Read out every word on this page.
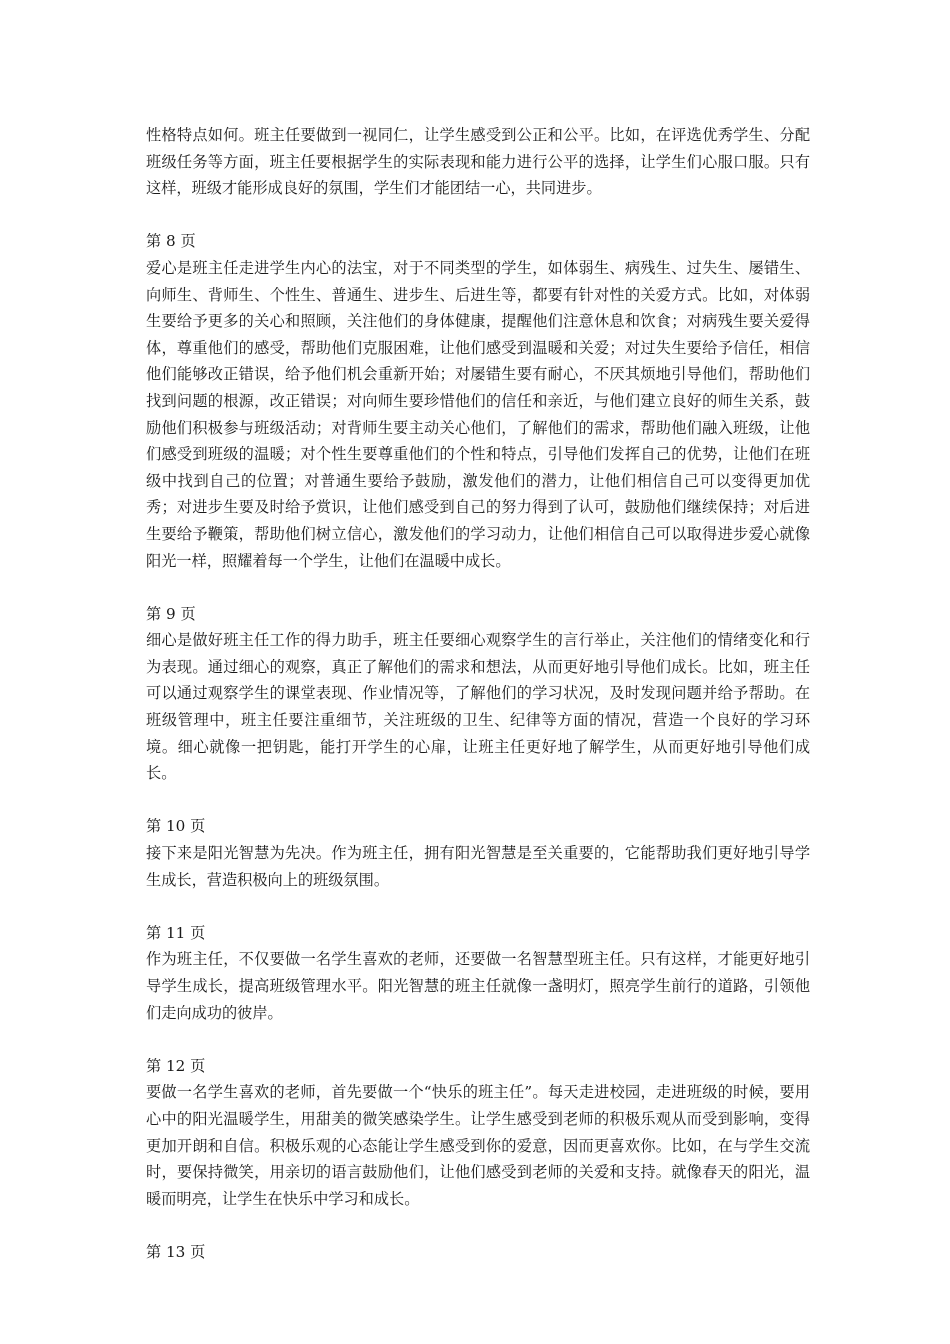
性格特点如何。班主任要做到一视同仁，让学生感受到公正和公平。比如，在评选优秀学生、分配班级任务等方面，班主任要根据学生的实际表现和能力进行公平的选择，让学生们心服口服。只有这样，班级才能形成良好的氛围，学生们才能团结一心，共同进步。

第 8 页

爱心是班主任走进学生内心的法宝，对于不同类型的学生，如体弱生、病残生、过失生、屡错生、向师生、背师生、个性生、普通生、进步生、后进生等，都要有针对性的关爱方式。比如，对体弱生要给予更多的关心和照顾，关注他们的身体健康，提醒他们注意休息和饮食；对病残生要关爱得体，尊重他们的感受，帮助他们克服困难，让他们感受到温暖和关爱；对过失生要给予信任，相信他们能够改正错误，给予他们机会重新开始；对屡错生要有耐心，不厌其烦地引导他们，帮助他们找到问题的根源，改正错误；对向师生要珍惜他们的信任和亲近，与他们建立良好的师生关系，鼓励他们积极参与班级活动；对背师生要主动关心他们，了解他们的需求，帮助他们融入班级，让他们感受到班级的温暖；对个性生要尊重他们的个性和特点，引导他们发挥自己的优势，让他们在班级中找到自己的位置；对普通生要给予鼓励，激发他们的潜力，让他们相信自己可以变得更加优秀；对进步生要及时给予赏识，让他们感受到自己的努力得到了认可，鼓励他们继续保持；对后进生要给予鞭策，帮助他们树立信心，激发他们的学习动力，让他们相信自己可以取得进步爱心就像阳光一样，照耀着每一个学生，让他们在温暖中成长。

第 9 页

细心是做好班主任工作的得力助手，班主任要细心观察学生的言行举止，关注他们的情绪变化和行为表现。通过细心的观察，真正了解他们的需求和想法，从而更好地引导他们成长。比如，班主任可以通过观察学生的课堂表现、作业情况等，了解他们的学习状况，及时发现问题并给予帮助。在班级管理中，班主任要注重细节，关注班级的卫生、纪律等方面的情况，营造一个良好的学习环境。细心就像一把钥匙，能打开学生的心扉，让班主任更好地了解学生，从而更好地引导他们成长。

第 10 页

接下来是阳光智慧为先决。作为班主任，拥有阳光智慧是至关重要的，它能帮助我们更好地引导学生成长，营造积极向上的班级氛围。

第 11 页

作为班主任，不仅要做一名学生喜欢的老师，还要做一名智慧型班主任。只有这样，才能更好地引导学生成长，提高班级管理水平。阳光智慧的班主任就像一盏明灯，照亮学生前行的道路，引领他们走向成功的彼岸。

第 12 页

要做一名学生喜欢的老师，首先要做一个“快乐的班主任”。每天走进校园，走进班级的时候，要用心中的阳光温暖学生，用甜美的微笑感染学生。让学生感受到老师的积极乐观从而受到影响，变得更加开朗和自信。积极乐观的心态能让学生感受到你的爱意，因而更喜欢你。比如，在与学生交流时，要保持微笑，用亲切的语言鼓励他们，让他们感受到老师的关爱和支持。就像春天的阳光，温暖而明亮，让学生在快乐中学习和成长。

第 13 页
